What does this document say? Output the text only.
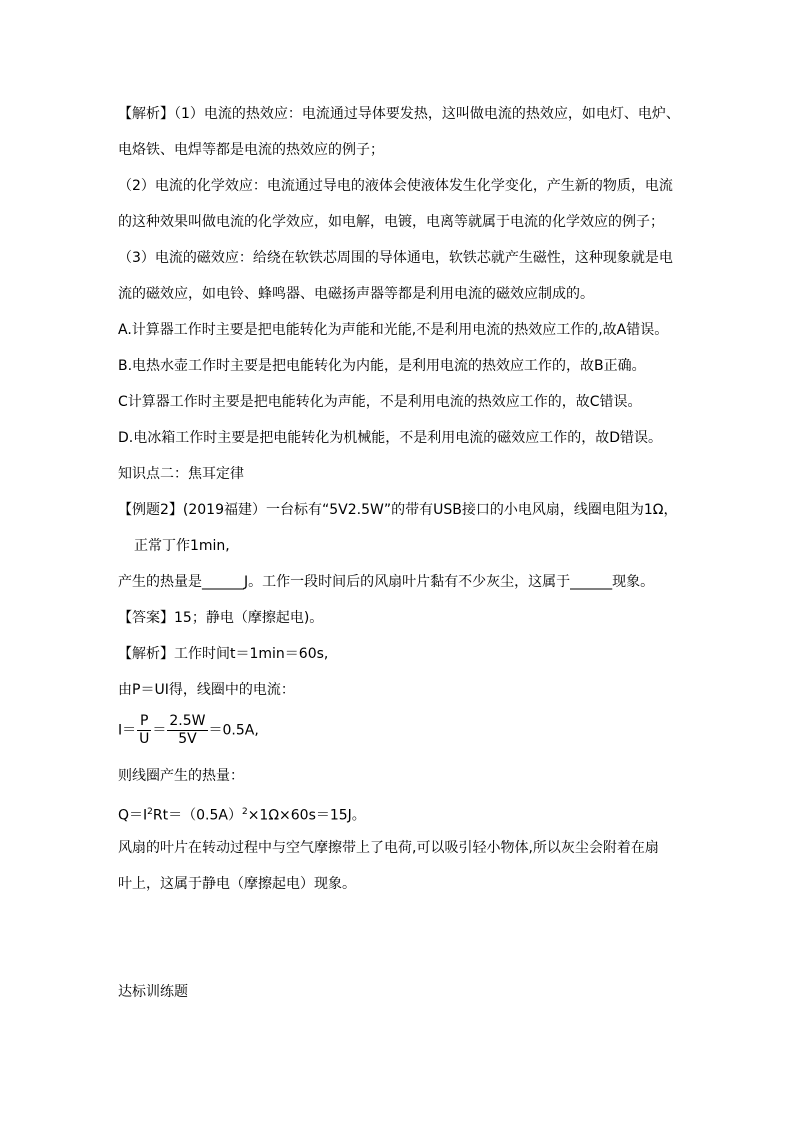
【解析】（1）电流的热效应：电流通过导体要发热，这叫做电流的热效应，如电灯、电炉、
电烙铁、电焊等都是电流的热效应的例子；
（2）电流的化学效应：电流通过导电的液体会使液体发生化学变化，产生新的物质，电流
的这种效果叫做电流的化学效应，如电解，电镀，电离等就属于电流的化学效应的例子；
（3）电流的磁效应：给绕在软铁芯周围的导体通电，软铁芯就产生磁性，这种现象就是电
流的磁效应，如电铃、蜂鸣器、电磁扬声器等都是利用电流的磁效应制成的。
A.计算器工作时主要是把电能转化为声能和光能,不是利用电流的热效应工作的,故A错误。
B.电热水壶工作时主要是把电能转化为内能，是利用电流的热效应工作的，故B正确。
C计算器工作时主要是把电能转化为声能，不是利用电流的热效应工作的，故C错误。
D.电冰箱工作时主要是把电能转化为机械能，不是利用电流的磁效应工作的，故D错误。
知识点二：焦耳定律
【例题2】(2019福建）一台标有“5V2.5W”的带有USB接口的小电风扇，线圈电阻为1Ω，
正常丁作1min,
产生的热量是______J。工作一段时间后的风扇叶片黏有不少灰尘，这属于______现象。
【答案】15；静电（摩擦起电)。
【解析】工作时间t＝1min＝60s,
由P＝UI得，线圈中的电流：
$I= \frac{P}{U} = \frac{2.5W}{5V} =0.5A$,
则线圈产生的热量：
$Q=I^2Rt=(0.5A)^2\times 1\Omega\times 60s=15J$。
风扇的叶片在转动过程中与空气摩擦带上了电荷,可以吸引轻小物体,所以灰尘会附着在扇
叶上，这属于静电（摩擦起电）现象。
达标训练题
